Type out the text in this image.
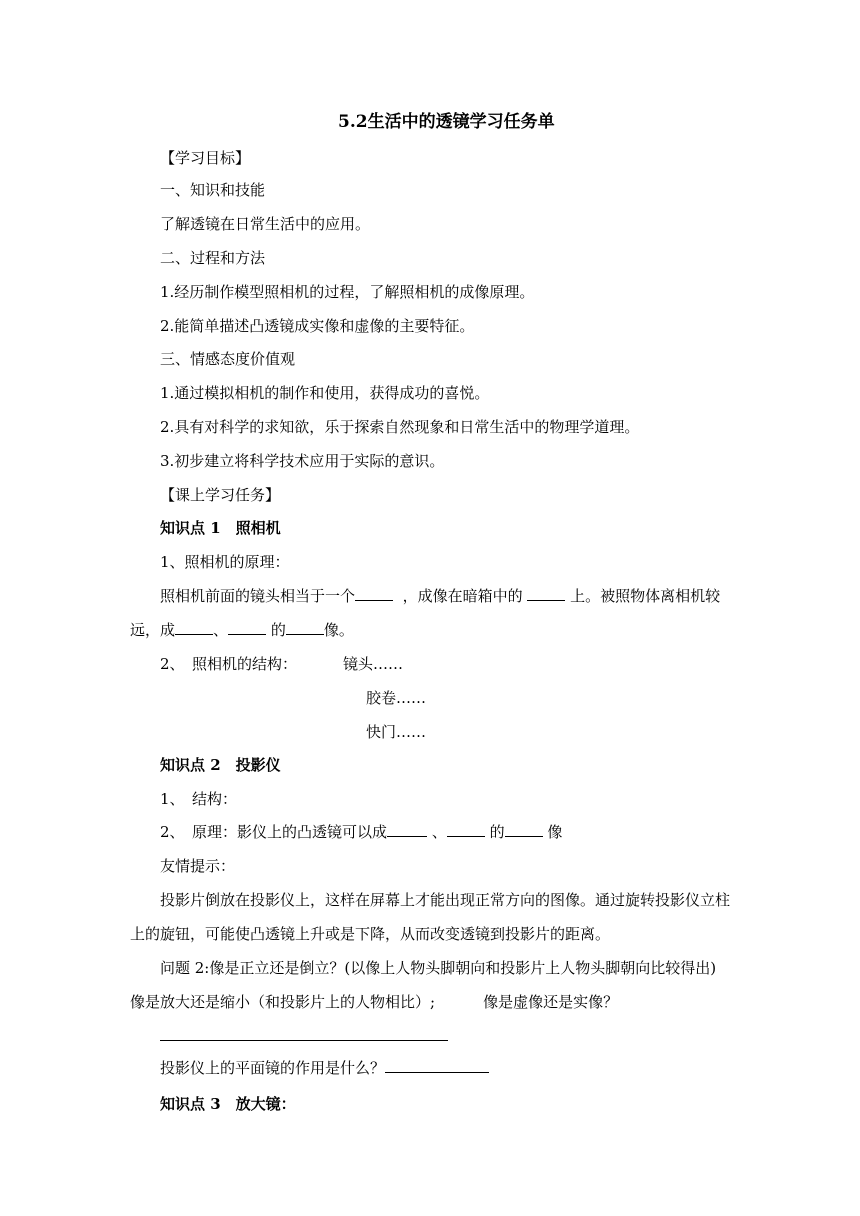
5.2生活中的透镜学习任务单
【学习目标】
一、知识和技能
了解透镜在日常生活中的应用。
二、过程和方法
1.经历制作模型照相机的过程，了解照相机的成像原理。
2.能简单描述凸透镜成实像和虚像的主要特征。
三、情感态度价值观
1.通过模拟相机的制作和使用，获得成功的喜悦。
2.具有对科学的求知欲，乐于探索自然现象和日常生活中的物理学道理。
3.初步建立将科学技术应用于实际的意识。
【课上学习任务】
知识点 1　照相机
1、照相机的原理：
照相机前面的镜头相当于一个	，成像在暗箱中的	上。被照物体离相机较
远，成	、	的	像。
2、　照相机的结构：	镜头……
胶卷……
快门……
知识点 2　投影仪
1、　结构：
2、　原理：影仪上的凸透镜可以成	、	的	像
友情提示：
投影片倒放在投影仪上，这样在屏幕上才能出现正常方向的图像。通过旋转投影仪立柱
上的旋钮，可能使凸透镜上升或是下降，从而改变透镜到投影片的距离。
问题 2:像是正立还是倒立？(以像上人物头脚朝向和投影片上人物头脚朝向比较得出)
像是放大还是缩小（和投影片上的人物相比）;	像是虚像还是实像？
投影仪上的平面镜的作用是什么？
知识点 3　放大镜：
